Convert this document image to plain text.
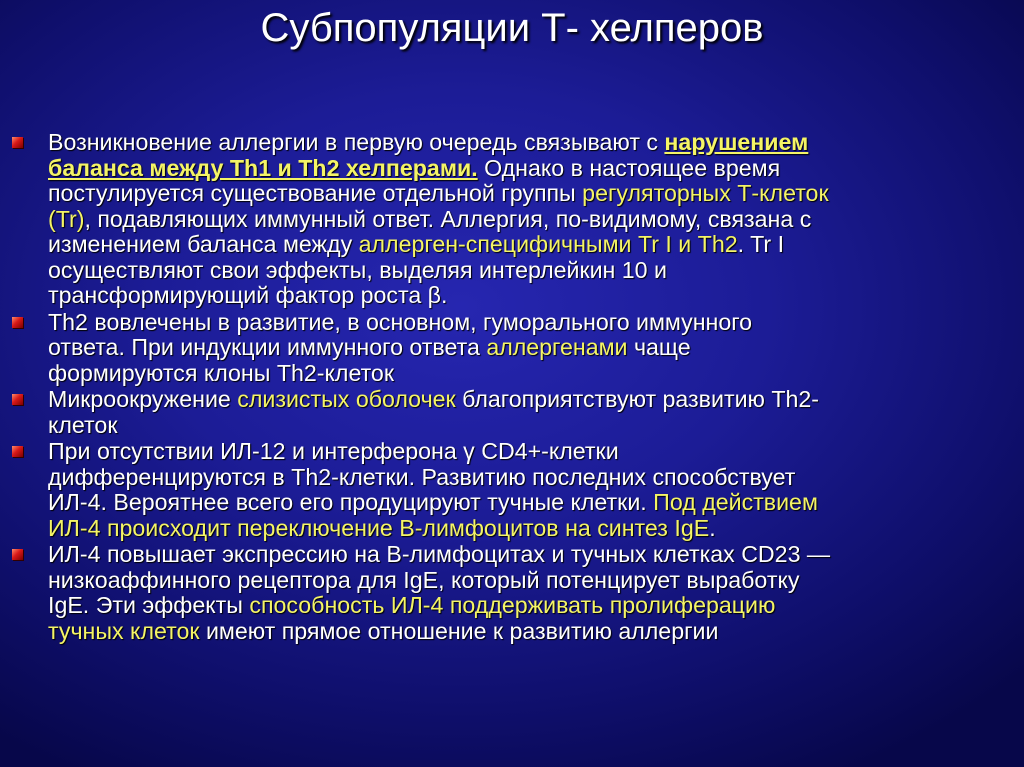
Субпопуляции Т- хелперов
Возникновение аллергии в первую очередь связывают с нарушением
баланса между Th1 и Th2 хелперами. Однако в настоящее время
постулируется существование отдельной группы регуляторных Т-клеток
(Tr), подавляющих иммунный ответ. Аллергия, по-видимому, связана с
изменением баланса между аллерген-специфичными Tr I и Th2. Tr I
осуществляют свои эффекты, выделяя интерлейкин 10 и
трансформирующий фактор роста β.
Th2 вовлечены в развитие, в основном, гуморального иммунного
ответа. При индукции иммунного ответа аллергенами чаще
формируются клоны Th2-клеток
Микроокружение слизистых оболочек благоприятствуют развитию Th2-
клеток
При отсутствии ИЛ-12 и интерферона γ CD4+-клетки
дифференцируются в Th2-клетки. Развитию последних способствует
ИЛ-4. Вероятнее всего его продуцируют тучные клетки. Под действием
ИЛ-4 происходит переключение В-лимфоцитов на синтез IgE.
ИЛ-4 повышает экспрессию на В-лимфоцитах и тучных клетках CD23 —
низкоаффинного рецептора для IgE, который потенцирует выработку
IgE. Эти эффекты способность ИЛ-4 поддерживать пролиферацию
тучных клеток имеют прямое отношение к развитию аллергии
